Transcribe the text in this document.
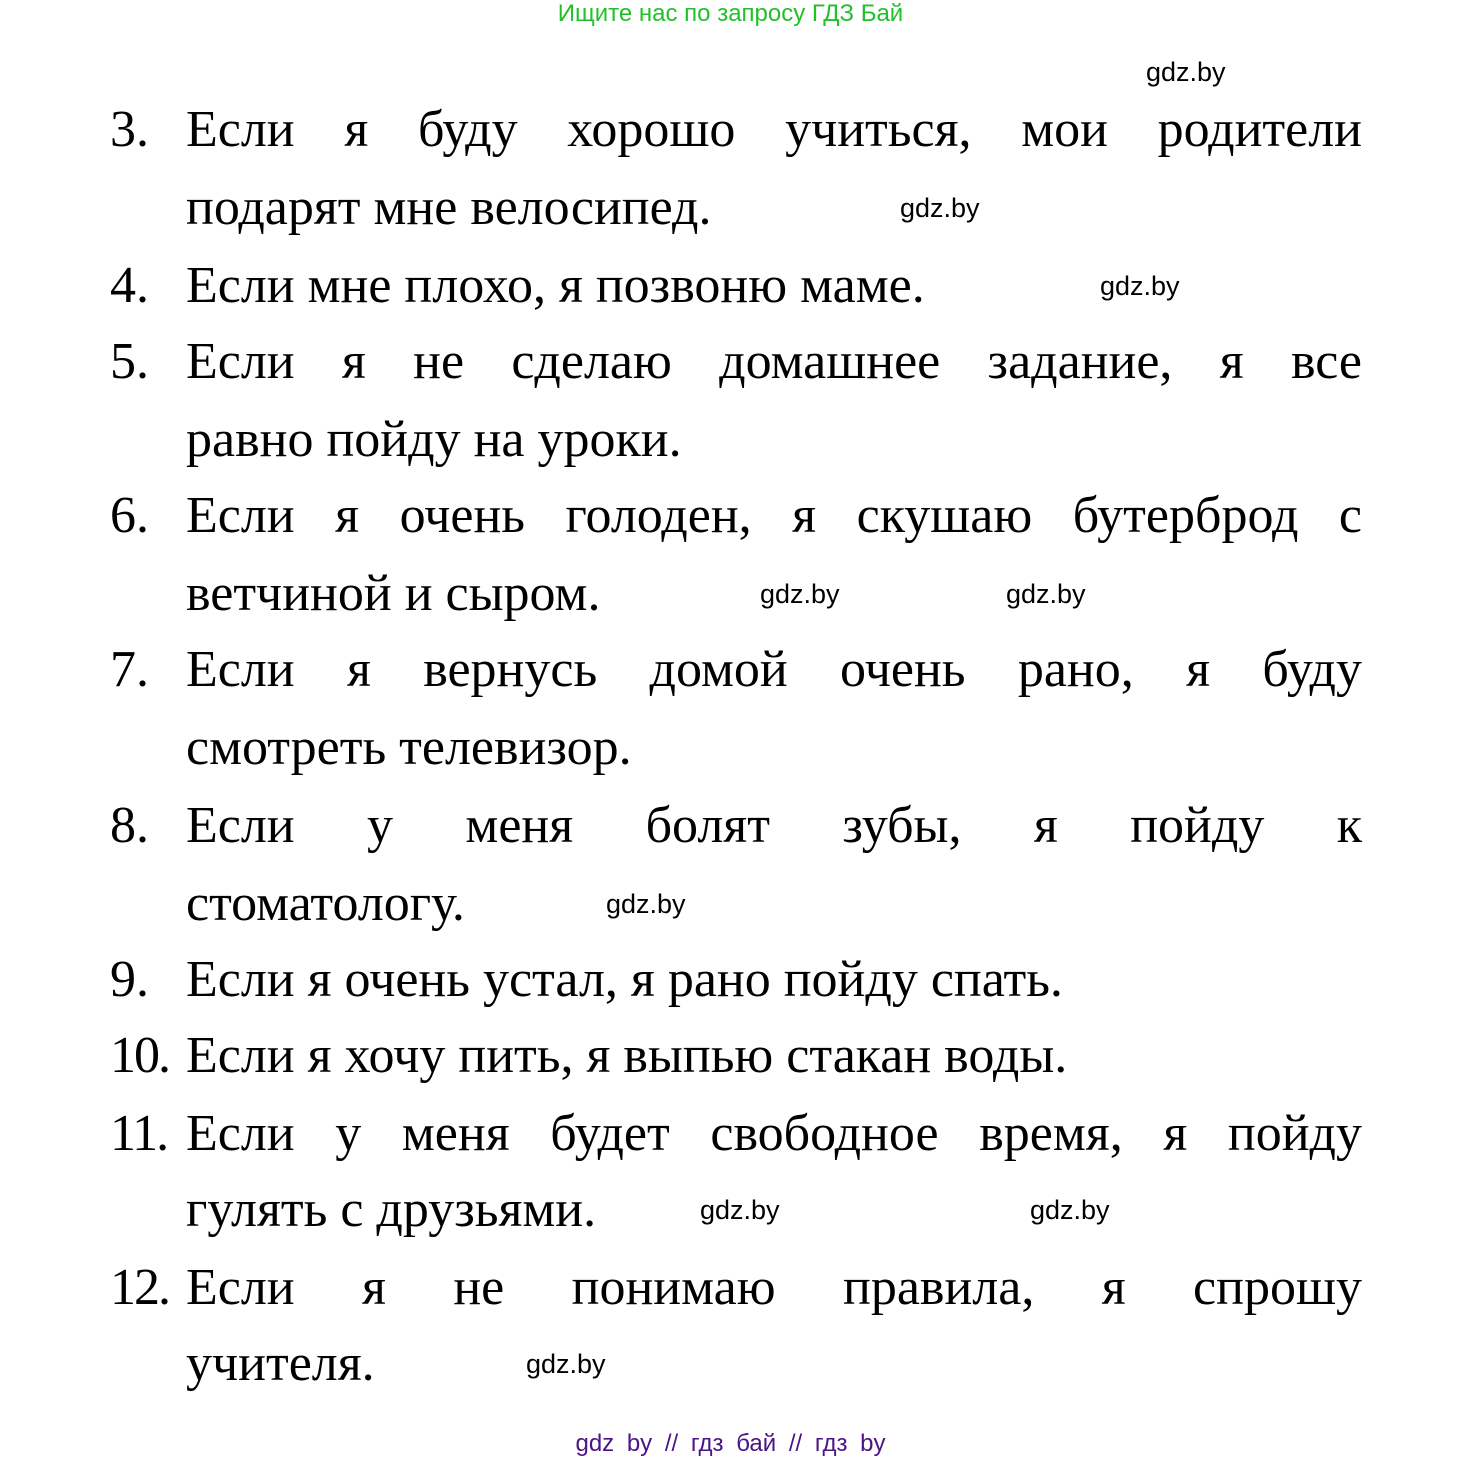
Ищите нас по запросу ГДЗ Бай
3. Если я буду хорошо учиться, мои родители
подарят мне велосипед.
4. Если мне плохо, я позвоню маме.
5. Если я не сделаю домашнее задание, я все
равно пойду на уроки.
6. Если я очень голоден, я скушаю бутерброд с
ветчиной и сыром.
7. Если я вернусь домой очень рано, я буду
смотреть телевизор.
8. Если у меня болят зубы, я пойду к
стоматологу.
9. Если я очень устал, я рано пойду спать.
10. Если я хочу пить, я выпью стакан воды.
11. Если у меня будет свободное время, я пойду
гулять с друзьями.
12. Если я не понимаю правила, я спрошу
учителя.
gdz.by
gdz.by
gdz.by
gdz.by
gdz.by
gdz.by
gdz.by	gdz.by
gdz.by
gdz by // гдз бай // гдз by
